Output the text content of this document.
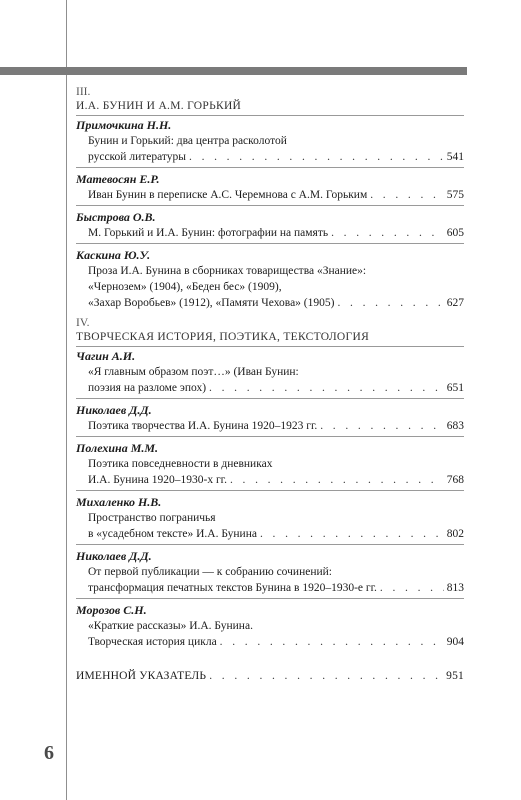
III.
И.А. БУНИН И А.М. ГОРЬКИЙ
Примочкина Н.Н.
Бунин и Горький: два центра расколотой
русской литературы . . .	541
Матевосян Е.Р.
Иван Бунин в переписке А.С. Черемнова с А.М. Горьким . . .	575
Быстрова О.В.
М. Горький и И.А. Бунин: фотографии на память . . .	605
Каскина Ю.У.
Проза И.А. Бунина в сборниках товарищества «Знание»:
«Чернозем» (1904), «Беден бес» (1909),
«Захар Воробьев» (1912), «Памяти Чехова» (1905) . . .	627
IV.
ТВОРЧЕСКАЯ ИСТОРИЯ, ПОЭТИКА, ТЕКСТОЛОГИЯ
Чагин А.И.
«Я главным образом поэт…» (Иван Бунин:
поэзия на разломе эпох) . . .	651
Николаев Д.Д.
Поэтика творчества И.А. Бунина 1920–1923 гг. . . .	683
Полехина М.М.
Поэтика повседневности в дневниках
И.А. Бунина 1920–1930-х гг. . . .	768
Михаленко Н.В.
Пространство пограничья
в «усадебном тексте» И.А. Бунина . . .	802
Николаев Д.Д.
От первой публикации — к собранию сочинений:
трансформация печатных текстов Бунина в 1920–1930-е гг. . . .	813
Морозов С.Н.
«Краткие рассказы» И.А. Бунина.
Творческая история цикла . . .	904
ИМЕННОЙ УКАЗАТЕЛЬ . . .	951
6
